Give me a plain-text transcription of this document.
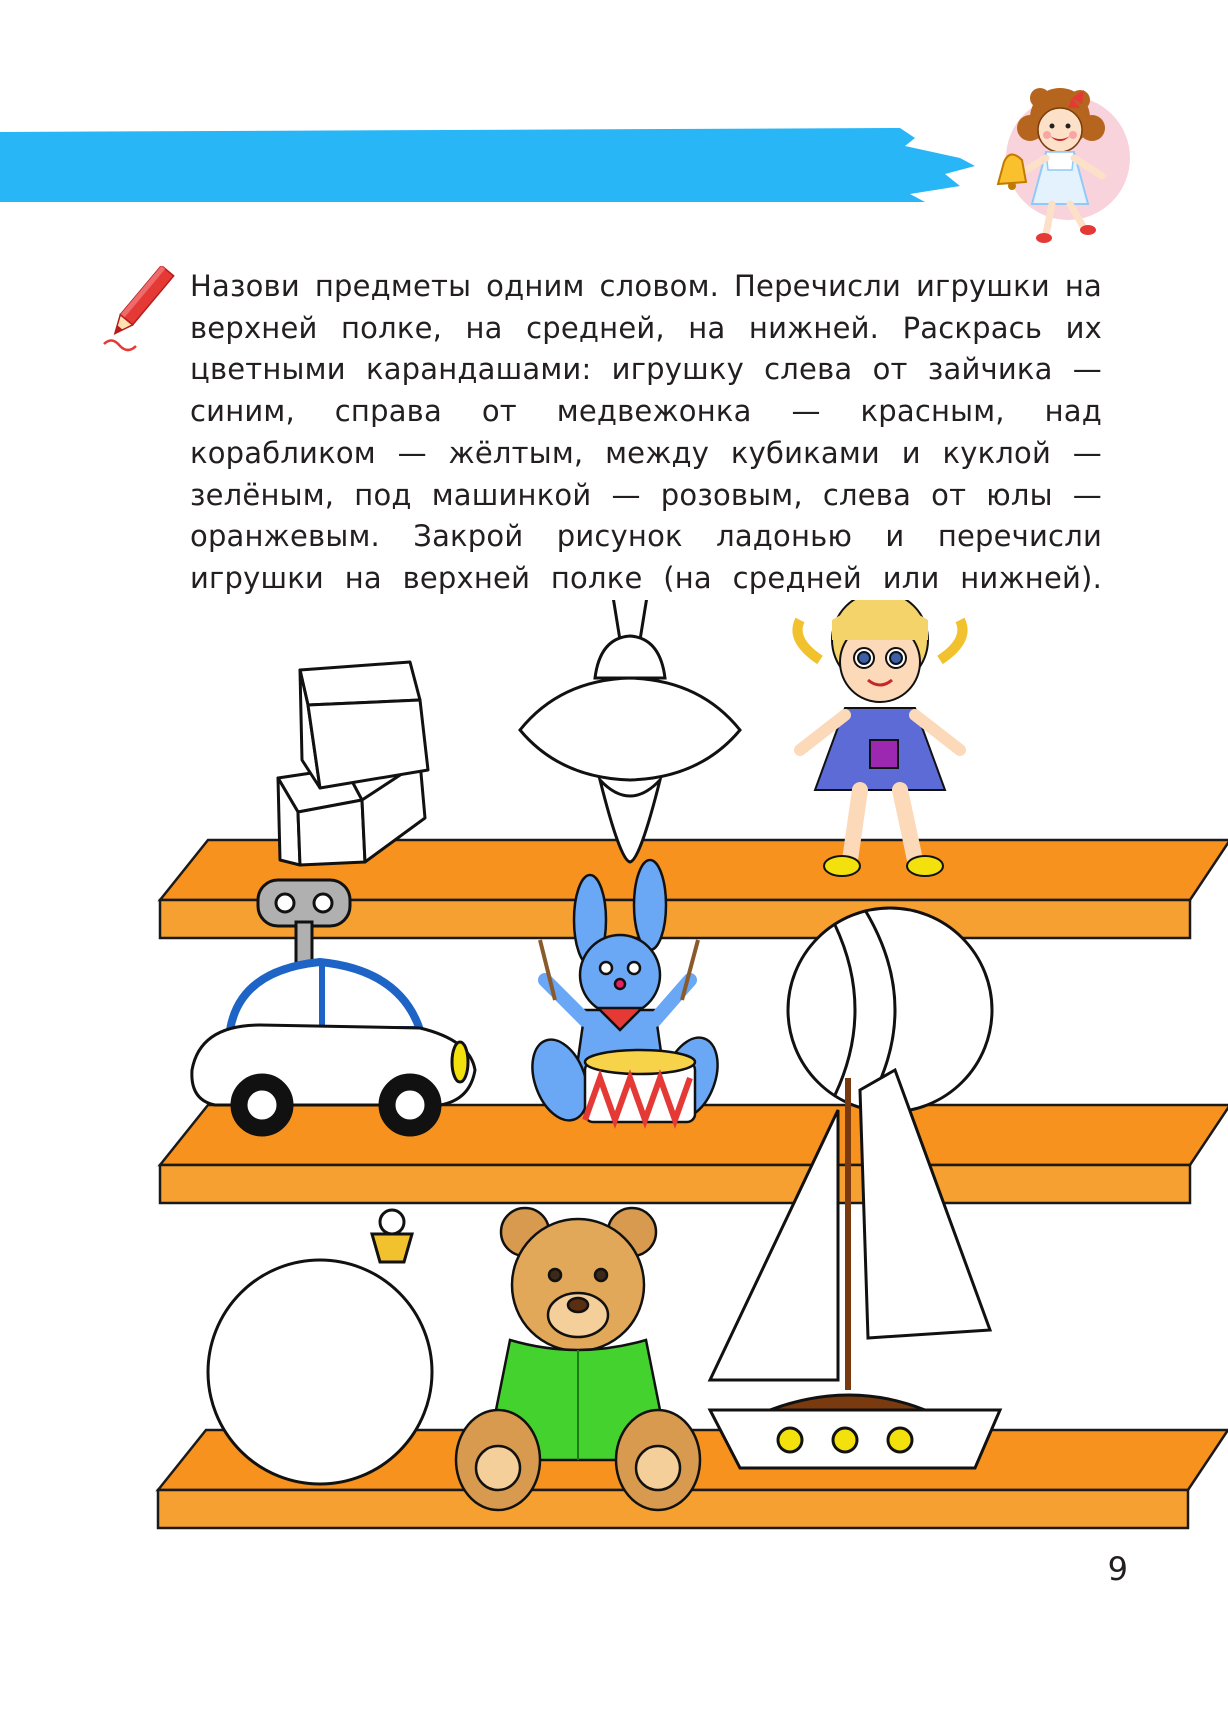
Назови предметы одним словом. Перечисли игрушки на верхней полке, на средней, на нижней. Раскрась их цветными карандашами: игрушку слева от зайчика — синим, справа от медвежонка — красным, над корабликом — жёлтым, между кубиками и куклой — зелёным, под машинкой — розовым, слева от юлы — оранжевым. Закрой рисунок ладонью и перечисли игрушки на верхней полке (на средней или нижней).

9
